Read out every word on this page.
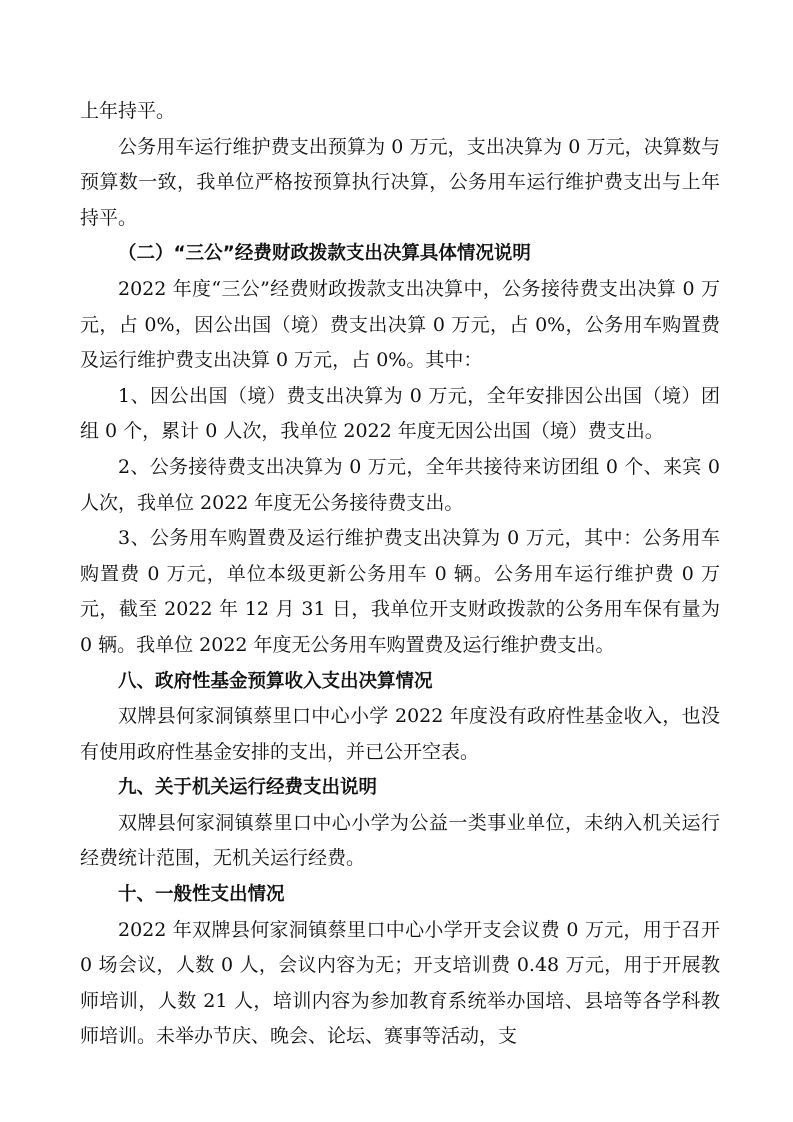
上年持平。

公务用车运行维护费支出预算为 0 万元，支出决算为 0 万元，决算数与预算数一致，我单位严格按预算执行决算，公务用车运行维护费支出与上年持平。

（二）“三公”经费财政拨款支出决算具体情况说明

2022 年度“三公”经费财政拨款支出决算中，公务接待费支出决算 0 万元，占 0%，因公出国（境）费支出决算 0 万元，占 0%，公务用车购置费及运行维护费支出决算 0 万元，占 0%。其中：

1、因公出国（境）费支出决算为 0 万元，全年安排因公出国（境）团组 0 个，累计 0 人次，我单位 2022 年度无因公出国（境）费支出。

2、公务接待费支出决算为 0 万元，全年共接待来访团组 0 个、来宾 0 人次，我单位 2022 年度无公务接待费支出。

3、公务用车购置费及运行维护费支出决算为 0 万元，其中：公务用车购置费 0 万元，单位本级更新公务用车 0 辆。公务用车运行维护费 0 万元，截至 2022 年 12 月 31 日，我单位开支财政拨款的公务用车保有量为 0 辆。我单位 2022 年度无公务用车购置费及运行维护费支出。

八、政府性基金预算收入支出决算情况

双牌县何家洞镇蔡里口中心小学 2022 年度没有政府性基金收入，也没有使用政府性基金安排的支出，并已公开空表。

九、关于机关运行经费支出说明

双牌县何家洞镇蔡里口中心小学为公益一类事业单位，未纳入机关运行经费统计范围，无机关运行经费。

十、一般性支出情况

2022 年双牌县何家洞镇蔡里口中心小学开支会议费 0 万元，用于召开 0 场会议，人数 0 人，会议内容为无；开支培训费 0.48 万元，用于开展教师培训，人数 21 人，培训内容为参加教育系统举办国培、县培等各学科教师培训。未举办节庆、晚会、论坛、赛事等活动，支
